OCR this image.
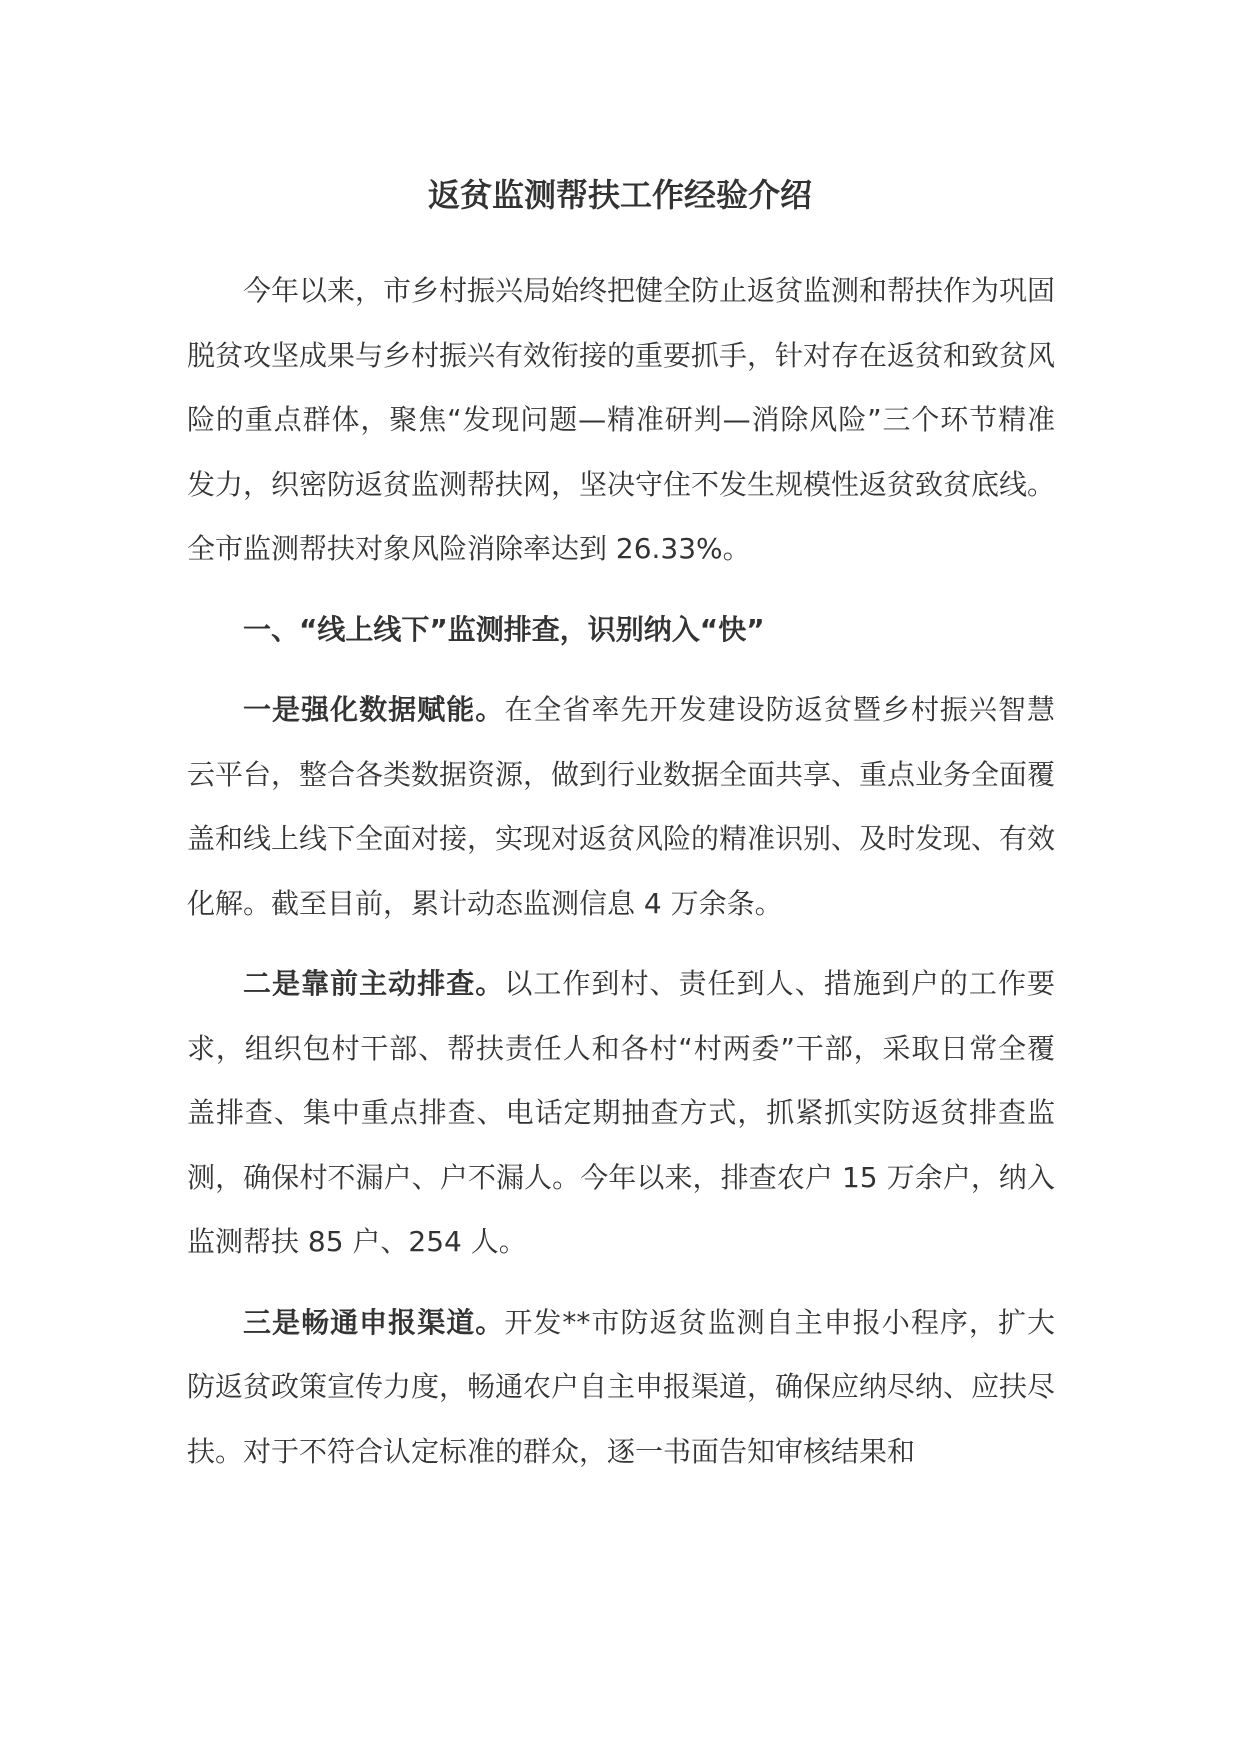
返贫监测帮扶工作经验介绍

今年以来，市乡村振兴局始终把健全防止返贫监测和帮扶作为巩固脱贫攻坚成果与乡村振兴有效衔接的重要抓手，针对存在返贫和致贫风险的重点群体，聚焦“发现问题—精准研判—消除风险”三个环节精准发力，织密防返贫监测帮扶网，坚决守住不发生规模性返贫致贫底线。全市监测帮扶对象风险消除率达到 26.33%。

一、“线上线下”监测排查，识别纳入“快”

一是强化数据赋能。在全省率先开发建设防返贫暨乡村振兴智慧云平台，整合各类数据资源，做到行业数据全面共享、重点业务全面覆盖和线上线下全面对接，实现对返贫风险的精准识别、及时发现、有效化解。截至目前，累计动态监测信息 4 万余条。

二是靠前主动排查。以工作到村、责任到人、措施到户的工作要求，组织包村干部、帮扶责任人和各村“村两委”干部，采取日常全覆盖排查、集中重点排查、电话定期抽查方式，抓紧抓实防返贫排查监测，确保村不漏户、户不漏人。今年以来，排查农户 15 万余户，纳入监测帮扶 85 户、254 人。

三是畅通申报渠道。开发**市防返贫监测自主申报小程序，扩大防返贫政策宣传力度，畅通农户自主申报渠道，确保应纳尽纳、应扶尽扶。对于不符合认定标准的群众，逐一书面告知审核结果和
